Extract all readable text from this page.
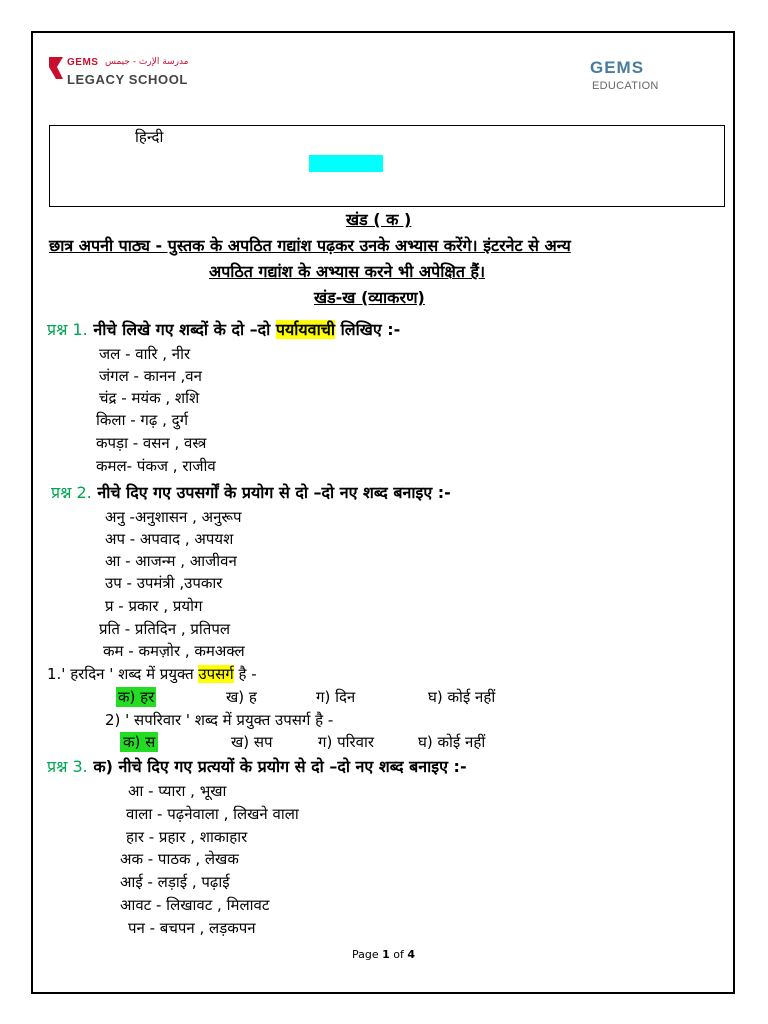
GEMS مدرسة الإرث - جيمس
LEGACY SCHOOL
GEMS
EDUCATION
हिन्दी
खंड ( क )
छात्र अपनी पाठ्य - पुस्तक के अपठित गद्यांश पढ़कर उनके अभ्यास करेंगे। इंटरनेट से अन्य
अपठित गद्यांश के अभ्यास करने भी अपेक्षित हैं।
खंड-ख (व्याकरण)
प्रश्न 1. नीचे लिखे गए शब्दों के दो –दो पर्यायवाची लिखिए :-
जल - वारि , नीर
जंगल - कानन ,वन
चंद्र - मयंक , शशि
किला - गढ़ , दुर्ग
कपड़ा - वसन , वस्त्र
कमल- पंकज , राजीव
प्रश्न 2. नीचे दिए गए उपसर्गों के प्रयोग से दो –दो नए शब्द बनाइए :-
अनु -अनुशासन , अनुरूप
अप - अपवाद , अपयश
आ - आजन्म , आजीवन
उप - उपमंत्री ,उपकार
प्र - प्रकार , प्रयोग
प्रति - प्रतिदिन , प्रतिपल
कम - कमज़ोर , कमअक्ल
1.' हरदिन ' शब्द में प्रयुक्त उपसर्ग है -
क) हर	ख) ह	ग) दिन	घ) कोई नहीं
2) ' सपरिवार ' शब्द में प्रयुक्त उपसर्ग है -
क) स	ख) सप	ग) परिवार	घ) कोई नहीं
प्रश्न 3. क) नीचे दिए गए प्रत्ययों के प्रयोग से दो –दो नए शब्द बनाइए :-
आ - प्यारा , भूखा
वाला - पढ़नेवाला , लिखने वाला
हार - प्रहार , शाकाहार
अक - पाठक , लेखक
आई - लड़ाई , पढ़ाई
आवट - लिखावट , मिलावट
पन - बचपन , लड़कपन
Page 1 of 4
